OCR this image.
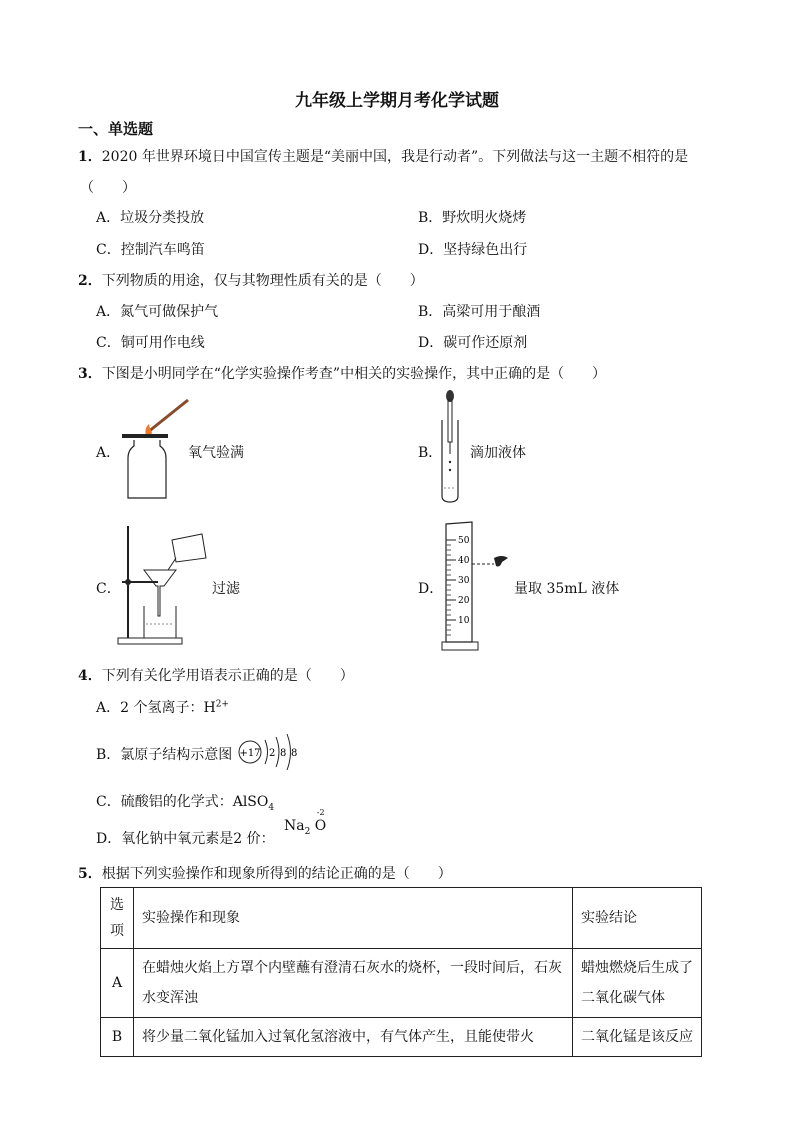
九年级上学期月考化学试题
一、单选题
1．2020 年世界环境日中国宣传主题是“美丽中国，我是行动者”。下列做法与这一主题不相符的是
（　　）
A．垃圾分类投放	B．野炊明火烧烤
C．控制汽车鸣笛	D．坚持绿色出行
2．下列物质的用途，仅与其物理性质有关的是（　　）
A．氮气可做保护气	B．高梁可用于酿酒
C．铜可用作电线	D．碳可作还原剂
3．下图是小明同学在“化学实验操作考查”中相关的实验操作，其中正确的是（　　）
A．	氧气验满	B． 滴加液体
C．	过滤	D．
50
40
30
20
10
量取 35mL 液体
4．下列有关化学用语表示正确的是（　　）
A．2 个氢离子：$H^{2+}$
B．氯原子结构示意图 +17 2 8 8
C．硫酸铝的化学式：AlSO$_4$
D．氧化钠中氧元素是2 价：
$Na_2$
-2
O
5．根据下列实验操作和现象所得到的结论正确的是（　　）
选项	实验操作和现象	实验结论
A	在蜡烛火焰上方罩个内壁蘸有澄清石灰水的烧杯，一段时间后，石灰水变浑浊	蜡烛燃烧后生成了二氧化碳气体
B	将少量二氧化锰加入过氧化氢溶液中，有气体产生，且能使带火	二氧化锰是该反应
